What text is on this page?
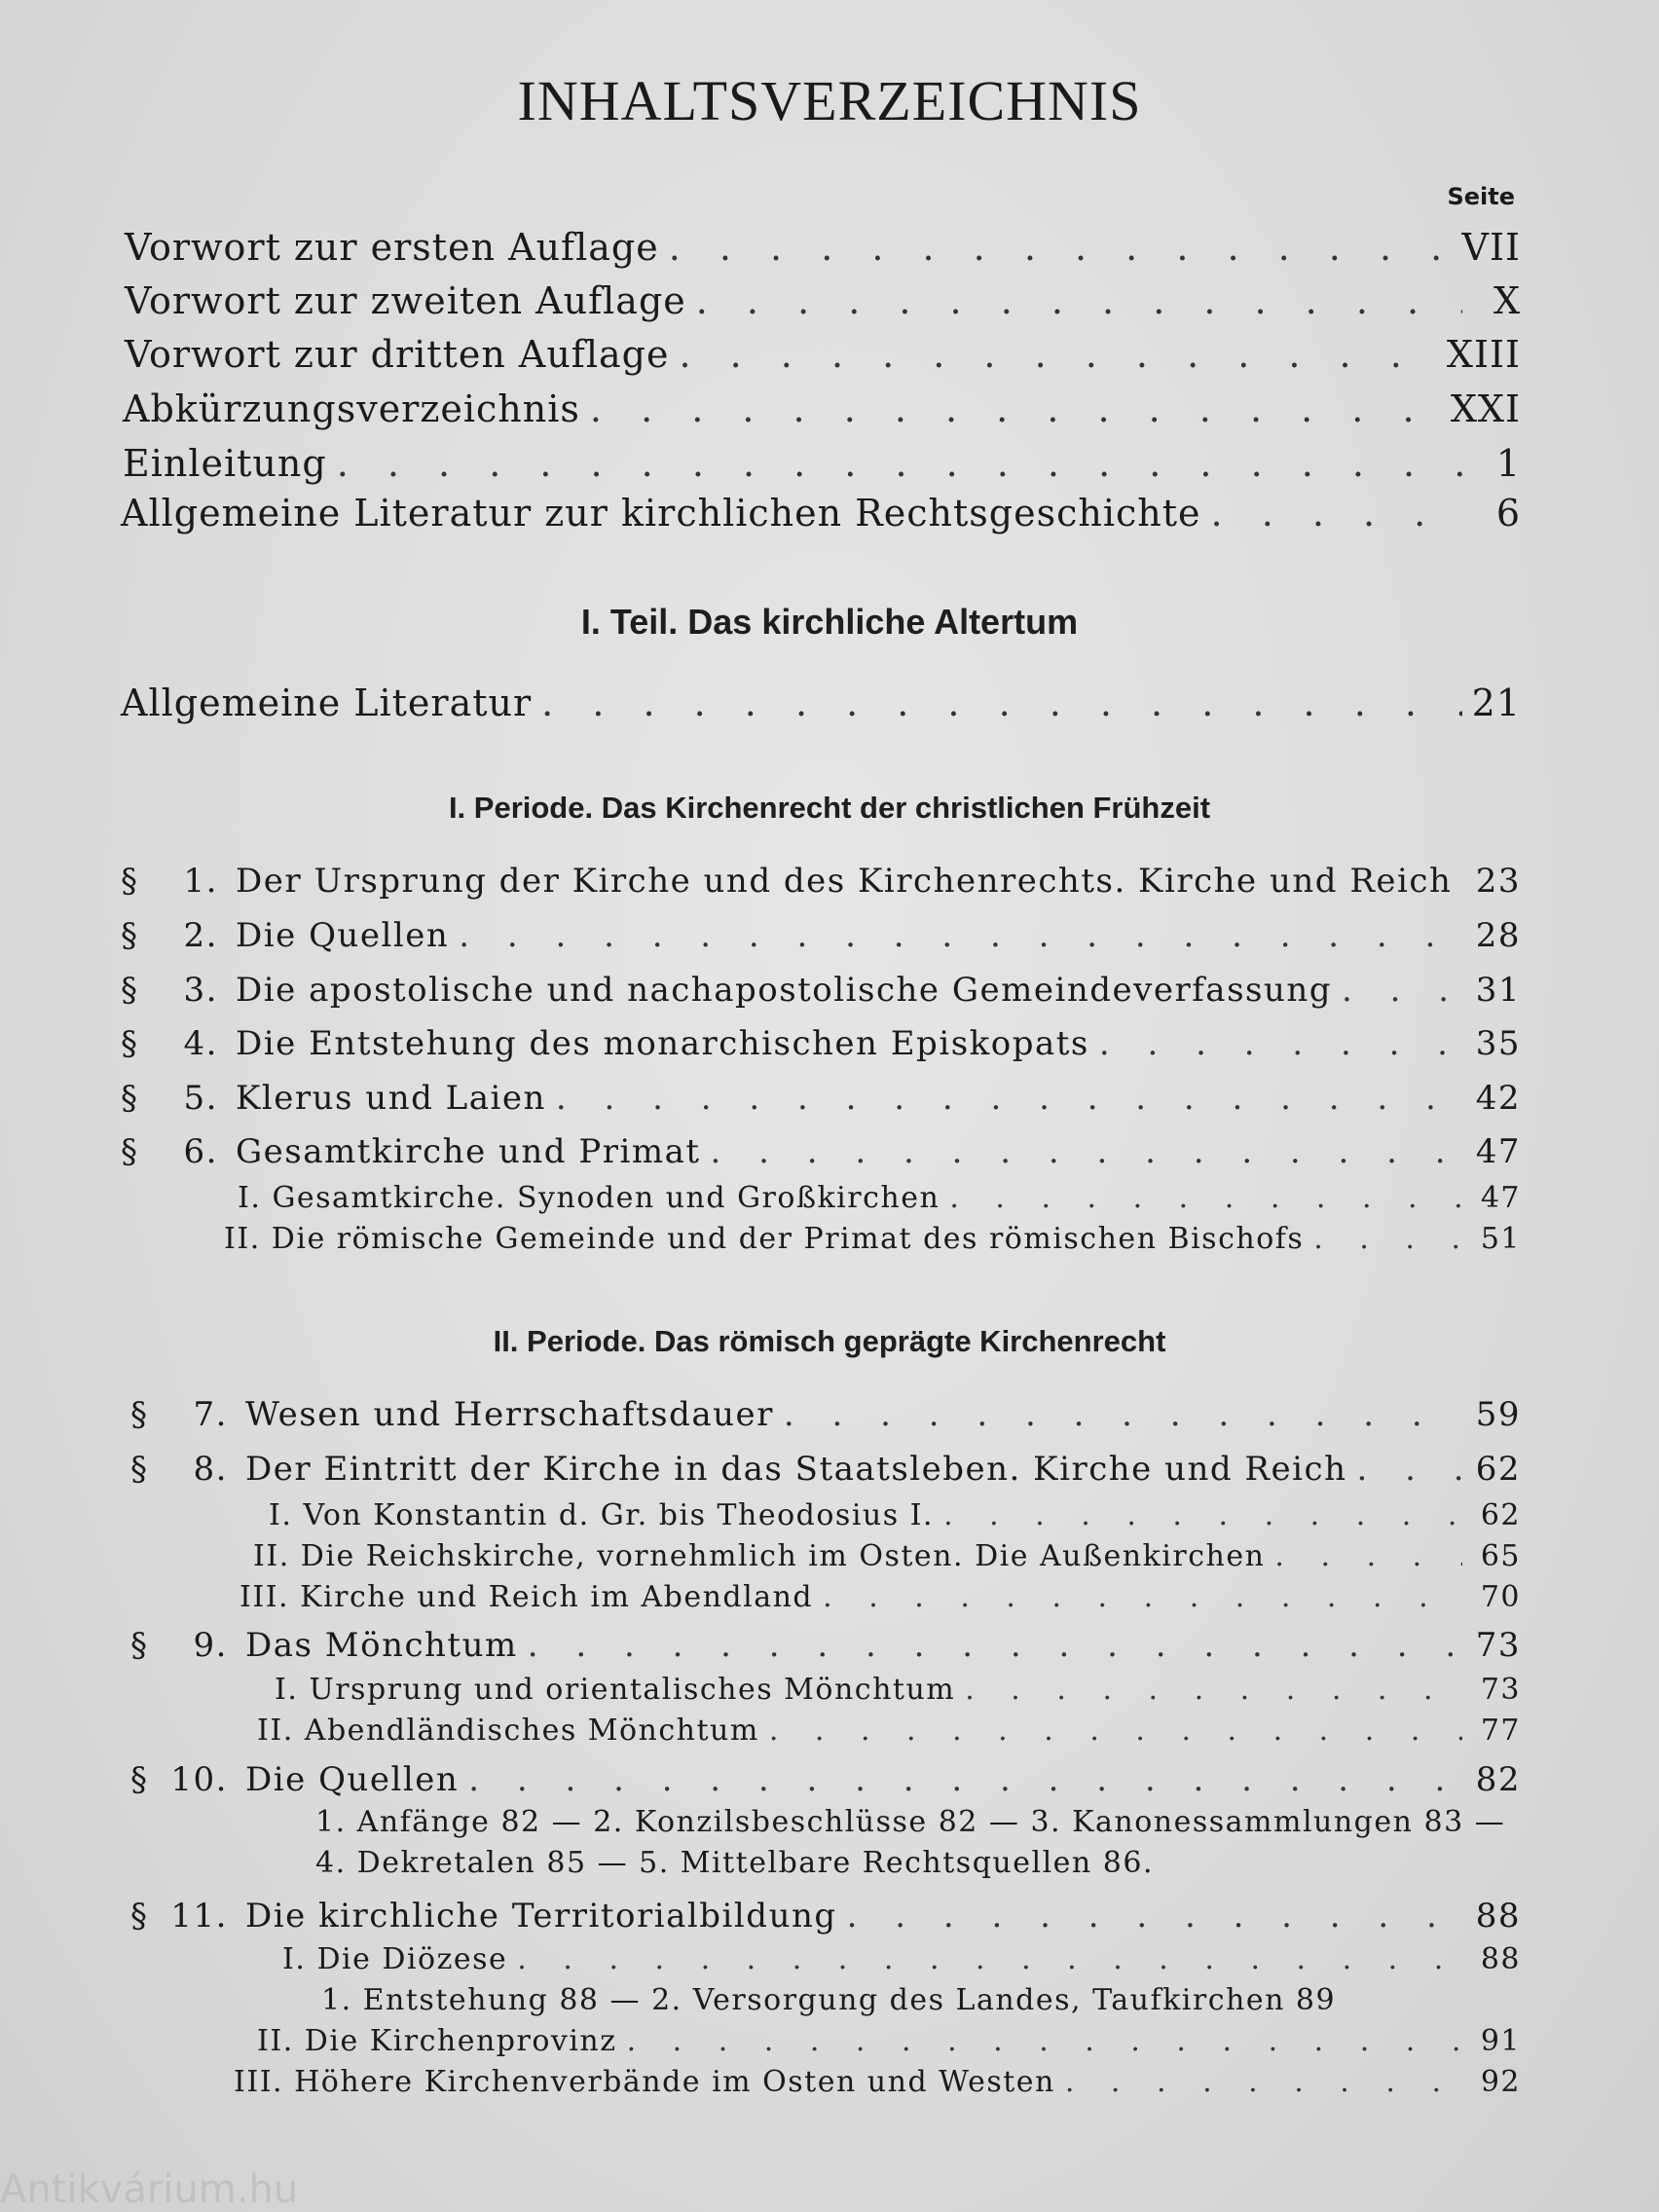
INHALTSVERZEICHNIS
Seite
Vorwort zur ersten Auflage . . .	VII
Vorwort zur zweiten Auflage . . .	X
Vorwort zur dritten Auflage . . .	XIII
Abkürzungsverzeichnis . . .	XXI
Einleitung . . .	1
Allgemeine Literatur zur kirchlichen Rechtsgeschichte . . .	6
I. Teil. Das kirchliche Altertum
Allgemeine Literatur . . .	21
I. Periode. Das Kirchenrecht der christlichen Frühzeit
§ 1. Der Ursprung der Kirche und des Kirchenrechts. Kirche und Reich . . . 23
§ 2. Die Quellen . . .	28
§ 3. Die apostolische und nachapostolische Gemeindeverfassung . . .	31
§ 4. Die Entstehung des monarchischen Episkopats . . .	35
§ 5. Klerus und Laien . . .	42
§ 6. Gesamtkirche und Primat . . .	47
I. Gesamtkirche. Synoden und Großkirchen . . .	47
II. Die römische Gemeinde und der Primat des römischen Bischofs . . .	51
II. Periode. Das römisch geprägte Kirchenrecht
§ 7. Wesen und Herrschaftsdauer . . .	59
§ 8. Der Eintritt der Kirche in das Staatsleben. Kirche und Reich . . .	62
I. Von Konstantin d. Gr. bis Theodosius I. . . .	62
II. Die Reichskirche, vornehmlich im Osten. Die Außenkirchen . . .	65
III. Kirche und Reich im Abendland . . .	70
§ 9. Das Mönchtum . . .	73
I. Ursprung und orientalisches Mönchtum . . .	73
II. Abendländisches Mönchtum . . .	77
§ 10. Die Quellen . . .	82
1. Anfänge 82 — 2. Konzilsbeschlüsse 82 — 3. Kanonessammlungen 83 —
4. Dekretalen 85 — 5. Mittelbare Rechtsquellen 86.
§ 11. Die kirchliche Territorialbildung . . .	88
I. Die Diözese . . .	88
1. Entstehung 88 — 2. Versorgung des Landes, Taufkirchen 89
II. Die Kirchenprovinz . . .	91
III. Höhere Kirchenverbände im Osten und Westen . . .	92
Antikvárium.hu
